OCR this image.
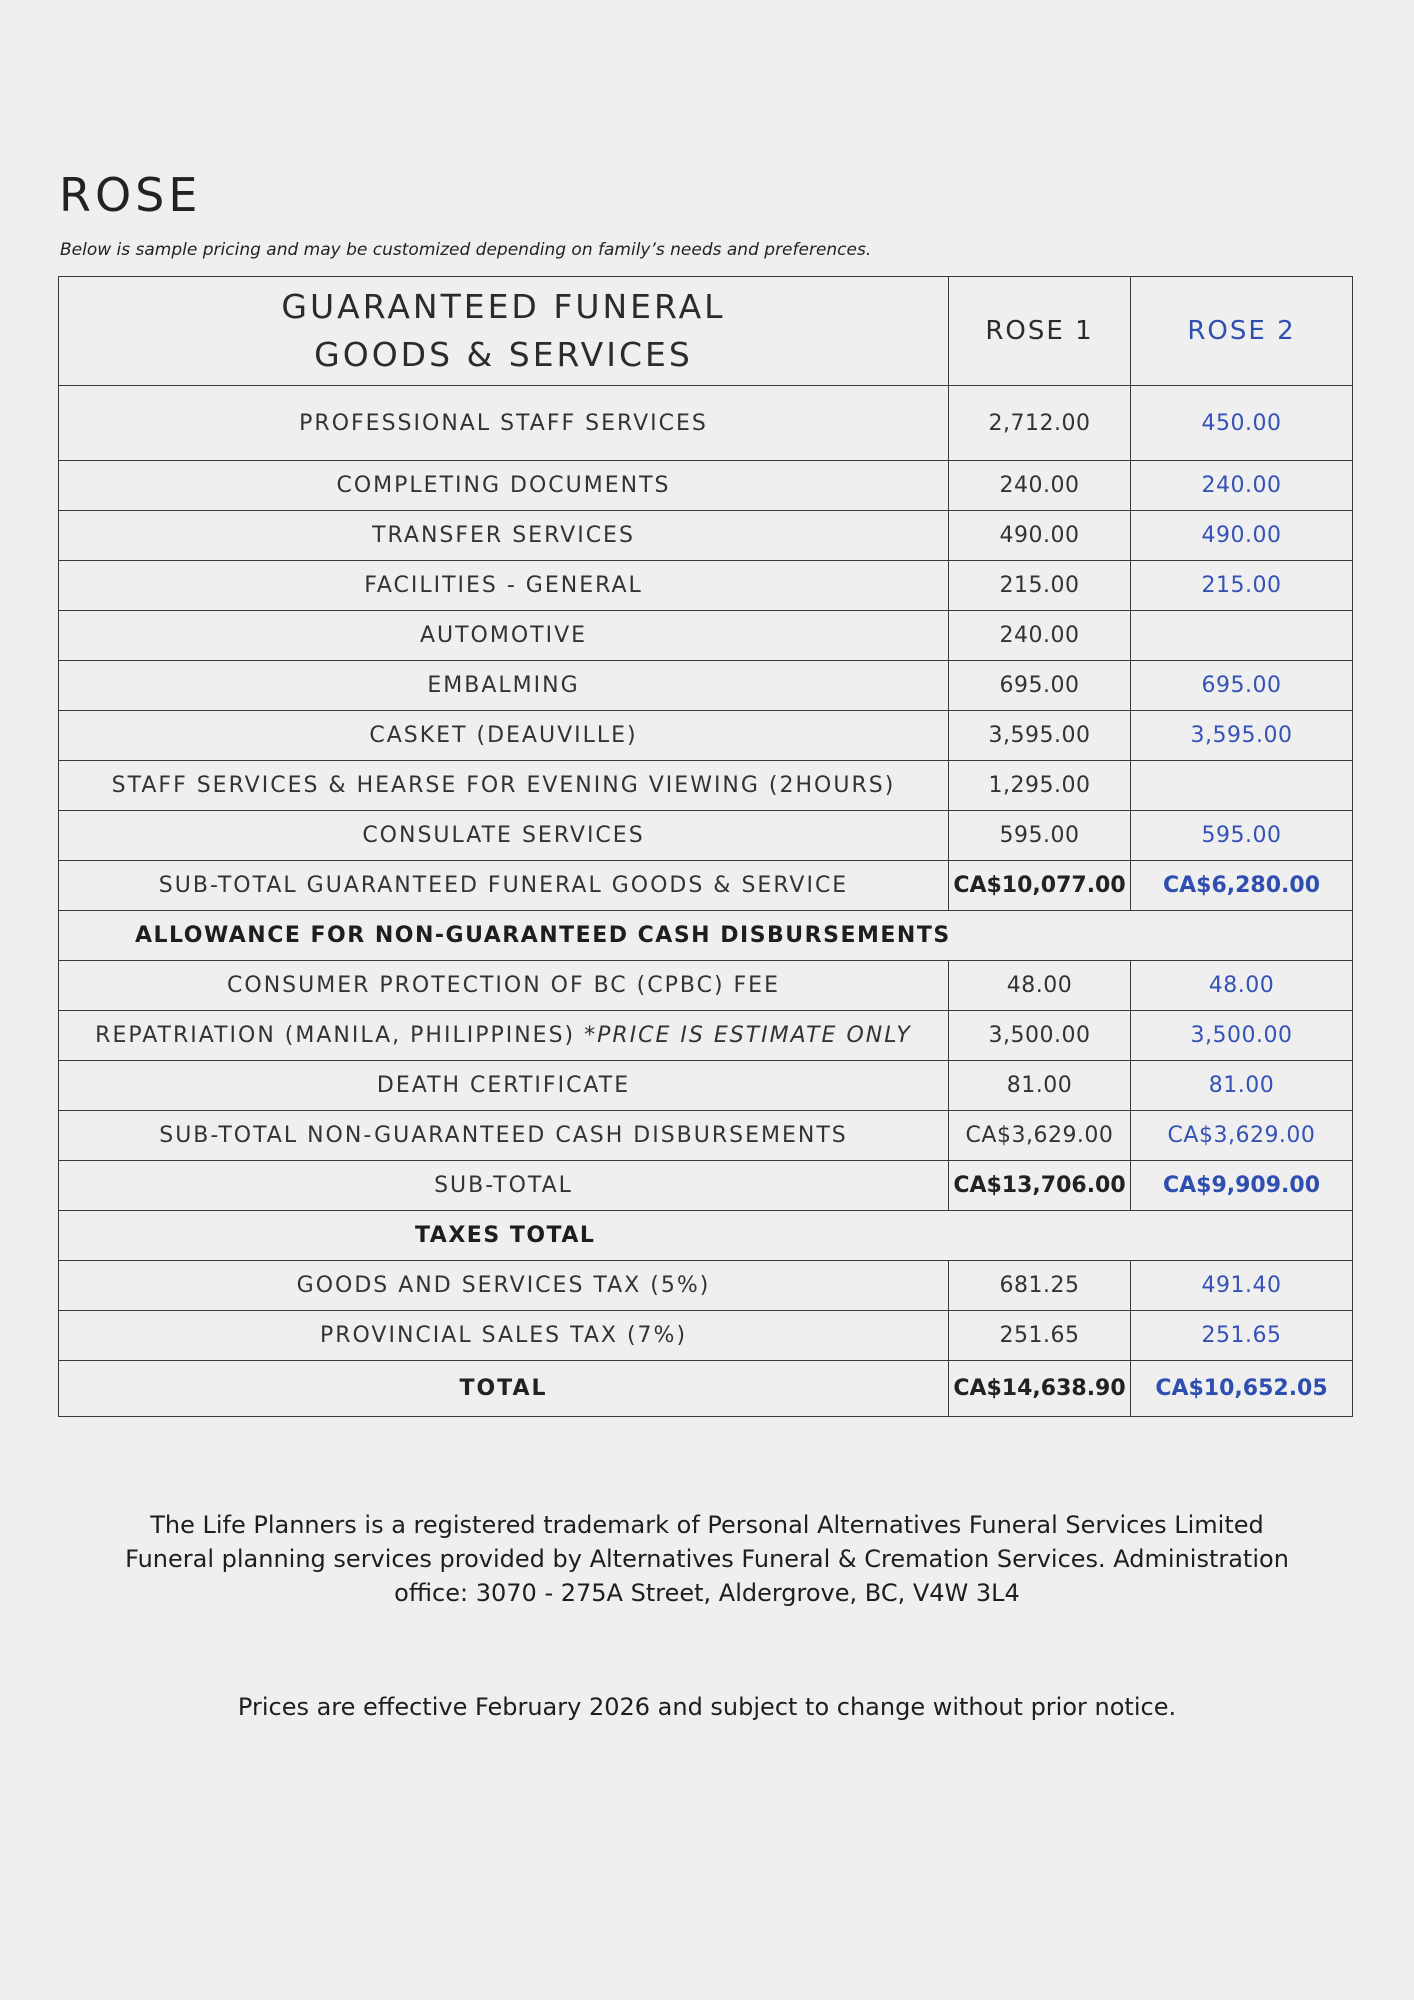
ROSE

Below is sample pricing and may be customized depending on family’s needs and preferences.

GUARANTEED FUNERAL
GOODS & SERVICES	ROSE 1	ROSE 2
PROFESSIONAL STAFF SERVICES	2,712.00	450.00
COMPLETING DOCUMENTS	240.00	240.00
TRANSFER SERVICES	490.00	490.00
FACILITIES - GENERAL	215.00	215.00
AUTOMOTIVE	240.00	
EMBALMING	695.00	695.00
CASKET (DEAUVILLE)	3,595.00	3,595.00
STAFF SERVICES & HEARSE FOR EVENING VIEWING (2HOURS)	1,295.00	
CONSULATE SERVICES	595.00	595.00
SUB-TOTAL GUARANTEED FUNERAL GOODS & SERVICE	CA$10,077.00	CA$6,280.00
ALLOWANCE FOR NON-GUARANTEED CASH DISBURSEMENTS		
CONSUMER PROTECTION OF BC (CPBC) FEE	48.00	48.00
REPATRIATION (MANILA, PHILIPPINES) *PRICE IS ESTIMATE ONLY	3,500.00	3,500.00
DEATH CERTIFICATE	81.00	81.00
SUB-TOTAL NON-GUARANTEED CASH DISBURSEMENTS	CA$3,629.00	CA$3,629.00
SUB-TOTAL	CA$13,706.00	CA$9,909.00
TAXES TOTAL		
GOODS AND SERVICES TAX (5%)	681.25	491.40
PROVINCIAL SALES TAX (7%)	251.65	251.65
TOTAL	CA$14,638.90	CA$10,652.05
The Life Planners is a registered trademark of Personal Alternatives Funeral Services Limited
Funeral planning services provided by Alternatives Funeral & Cremation Services. Administration
office: 3070 - 275A Street, Aldergrove, BC, V4W 3L4
Prices are effective February 2026 and subject to change without prior notice.
